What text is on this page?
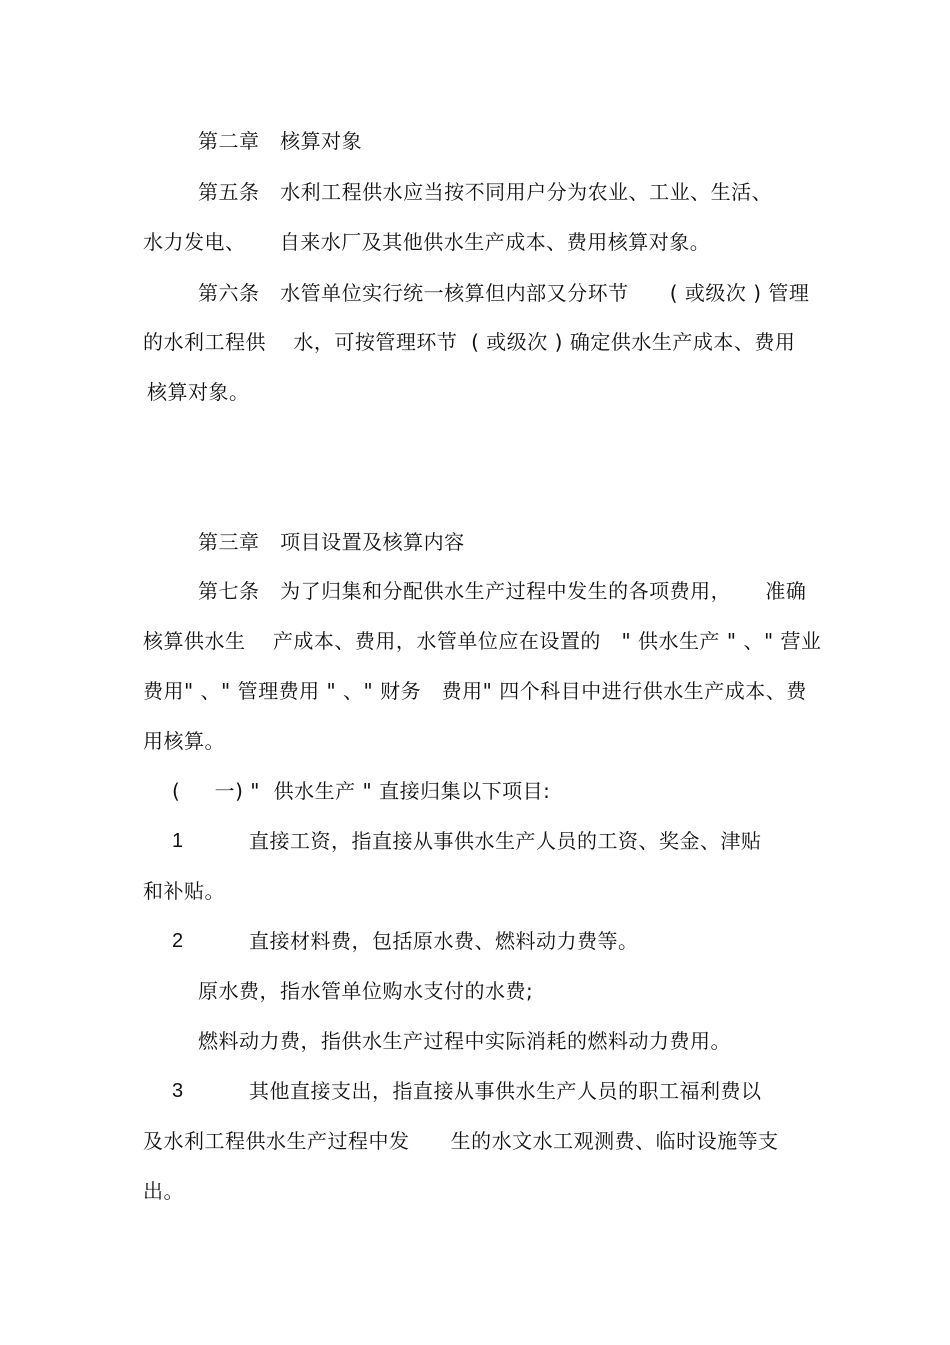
第二章   核算对象
第五条   水利工程供水应当按不同用户分为农业、工业、生活、
水力发电、     自来水厂及其他供水生产成本、费用核算对象。
第六条   水管单位实行统一核算但内部又分环节      ( 或级次 ) 管理
的水利工程供    水，可按管理环节  ( 或级次 ) 确定供水生产成本、费用
核算对象。
第三章   项目设置及核算内容
第七条   为了归集和分配供水生产过程中发生的各项费用，     准确
核算供水生    产成本、费用，水管单位应在设置的   " 供水生产 " 、" 营业
费用" 、" 管理费用 " 、" 财务   费用" 四个科目中进行供水生产成本、费
用核算。
(     一) "  供水生产 " 直接归集以下项目:
1	直接工资，指直接从事供水生产人员的工资、奖金、津贴
和补贴。
2	直接材料费，包括原水费、燃料动力费等。
原水费，指水管单位购水支付的水费;
燃料动力费，指供水生产过程中实际消耗的燃料动力费用。
3	其他直接支出，指直接从事供水生产人员的职工福利费以
及水利工程供水生产过程中发      生的水文水工观测费、临时设施等支
出。
